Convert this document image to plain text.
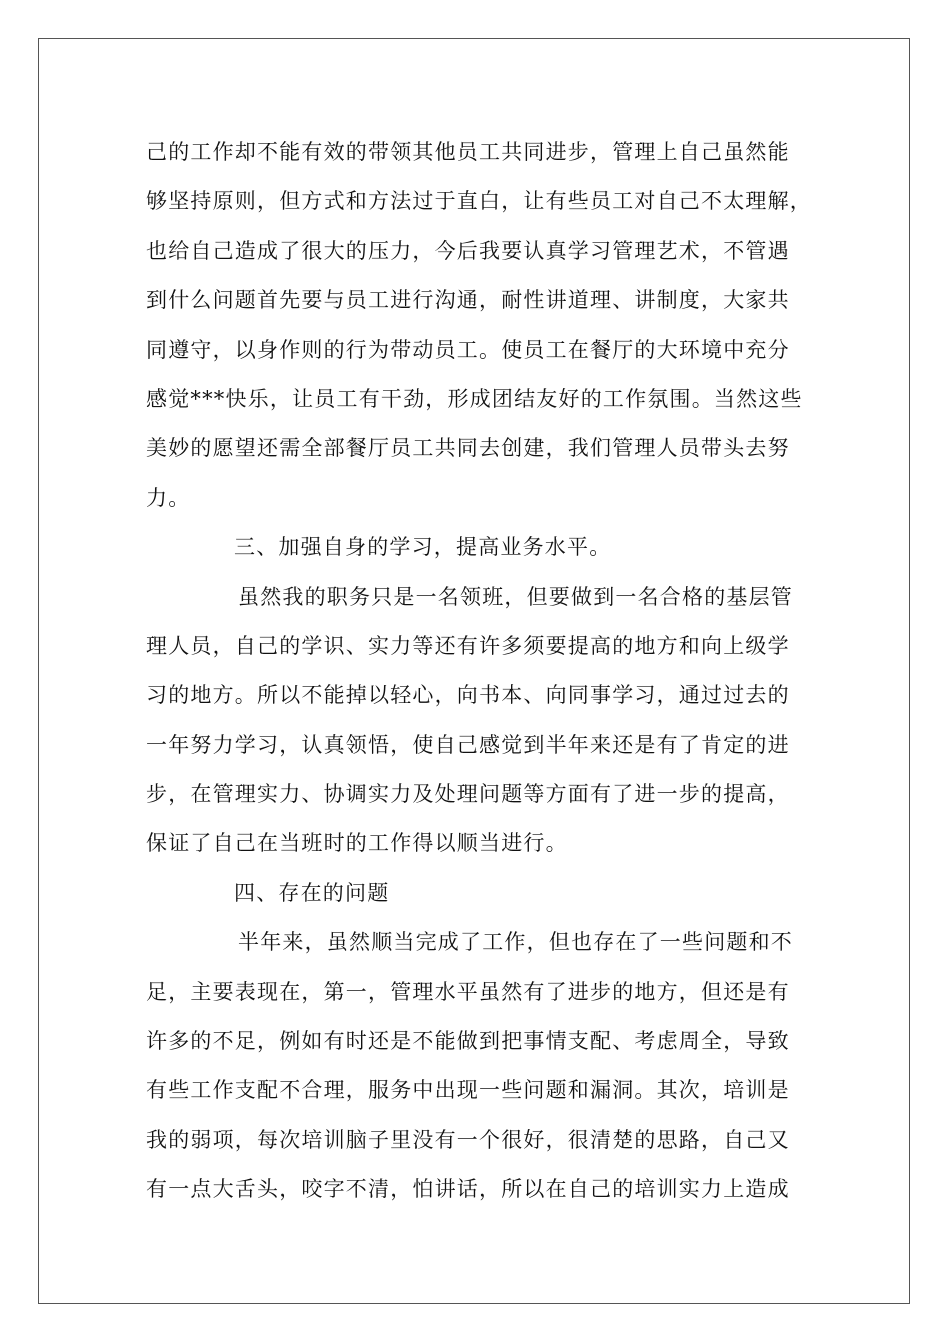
己的工作却不能有效的带领其他员工共同进步，管理上自己虽然能
够坚持原则，但方式和方法过于直白，让有些员工对自己不太理解，
也给自己造成了很大的压力，今后我要认真学习管理艺术，不管遇
到什么问题首先要与员工进行沟通，耐性讲道理、讲制度，大家共
同遵守，以身作则的行为带动员工。使员工在餐厅的大环境中充分
感觉***快乐，让员工有干劲，形成团结友好的工作氛围。当然这些
美妙的愿望还需全部餐厅员工共同去创建，我们管理人员带头去努
力。
三、加强自身的学习，提高业务水平。
虽然我的职务只是一名领班，但要做到一名合格的基层管
理人员，自己的学识、实力等还有许多须要提高的地方和向上级学
习的地方。所以不能掉以轻心，向书本、向同事学习，通过过去的
一年努力学习，认真领悟，使自己感觉到半年来还是有了肯定的进
步，在管理实力、协调实力及处理问题等方面有了进一步的提高，
保证了自己在当班时的工作得以顺当进行。
四、存在的问题
半年来，虽然顺当完成了工作，但也存在了一些问题和不
足，主要表现在，第一，管理水平虽然有了进步的地方，但还是有
许多的不足，例如有时还是不能做到把事情支配、考虑周全，导致
有些工作支配不合理，服务中出现一些问题和漏洞。其次，培训是
我的弱项，每次培训脑子里没有一个很好，很清楚的思路，自己又
有一点大舌头，咬字不清，怕讲话，所以在自己的培训实力上造成
